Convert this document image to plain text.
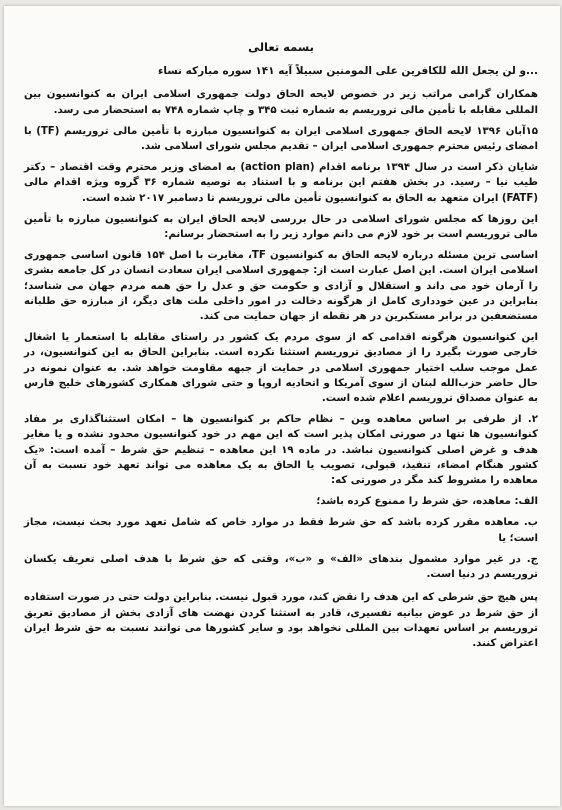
بسمه تعالی
...و لن یجعل الله للکافرین علی المومنین سبیلاً آیه ۱۴۱ سوره مبارکه نساء

همکاران گرامی مراتب زیر در خصوص لایحه الحاق دولت جمهوری اسلامی ایران به کنوانسیون بین المللی مقابله با تأمین مالی تروریسم به شماره ثبت ۳۴۵ و چاپ شماره ۷۴۸ به استحضار می رسد.

۱۵آبان ۱۳۹۶ لایحه الحاق جمهوری اسلامی ایران به کنوانسیون مبارزه با تأمین مالی تروریسم (TF) با امضای رئیس محترم جمهوری اسلامی ایران – تقدیم مجلس شورای اسلامی شد.

شایان ذکر است در سال ۱۳۹۴ برنامه اقدام (action plan) به امضای وزیر محترم وقت اقتصاد – دکتر طیب نیا – رسید. در بخش هفتم این برنامه و با استناد به توصیه شماره ۳۶ گروه ویژه اقدام مالی (FATF) ایران متعهد به الحاق به کنوانسیون تأمین مالی تروریسم تا دسامبر ۲۰۱۷ شده است.

این روزها که مجلس شورای اسلامی در حال بررسی لایحه الحاق ایران به کنوانسیون مبارزه با تأمین مالی تروریسم است بر خود لازم می دانم موارد زیر را به استحضار برسانم:

اساسی ترین مسئله درباره لایحه الحاق به کنوانسیون TF، مغایرت با اصل ۱۵۴ قانون اساسی جمهوری اسلامی ایران است. این اصل عبارت است از: جمهوری اسلامی ایران سعادت انسان در کل جامعه بشری را آرمان خود می داند و استقلال و آزادی و حکومت حق و عدل را حق همه مردم جهان می شناسد؛ بنابراین در عین خودداری کامل از هرگونه دخالت در امور داخلی ملت های دیگر، از مبارزه حق طلبانه مستضعفین در برابر مستکبرین در هر نقطه از جهان حمایت می کند.

این کنوانسیون هرگونه اقدامی که از سوی مردم یک کشور در راستای مقابله با استعمار یا اشغال خارجی صورت بگیرد را از مصادیق تروریسم استثنا نکرده است. بنابراین الحاق به این کنوانسیون، در عمل موجب سلب اختیار جمهوری اسلامی در حمایت از جبهه مقاومت خواهد شد. به عنوان نمونه در حال حاضر حزب‌الله لبنان از سوی آمریکا و اتحادیه اروپا و حتی شورای همکاری کشورهای خلیج فارس به عنوان مصداق تروریسم اعلام شده است.

۲. از طرفی بر اساس معاهده وین – نظام حاکم بر کنوانسیون ها – امکان استثناگذاری بر مفاد کنوانسیون ها تنها در صورتی امکان پذیر است که این مهم در خود کنوانسیون محدود نشده و یا مغایر هدف و غرض اصلی کنوانسیون نباشد. در ماده ۱۹ این معاهده – تنظیم حق شرط – آمده است: «یک کشور هنگام امضاء، تنفیذ، قبولی، تصویب یا الحاق به یک معاهده می تواند تعهد خود نسبت به آن معاهده را مشروط کند مگر در صورتی که:

الف: معاهده، حق شرط را ممنوع کرده باشد؛
ب. معاهده مقرر کرده باشد که حق شرط فقط در موارد خاص که شامل تعهد مورد بحث نیست، مجاز است؛ یا
ج. در غیر موارد مشمول بندهای «الف» و «ب»، وقتی که حق شرط با هدف اصلی تعریف یکسان تروریسم در دنیا است.

پس هیچ حق شرطی که این هدف را نقض کند، مورد قبول نیست. بنابراین دولت حتی در صورت استفاده از حق شرط در عوض بیانیه تفسیری، قادر به استثنا کردن نهضت های آزادی بخش از مصادیق تعریق تروریسم بر اساس تعهدات بین المللی نخواهد بود و سایر کشورها می توانند نسبت به حق شرط ایران اعتراض کنند.
